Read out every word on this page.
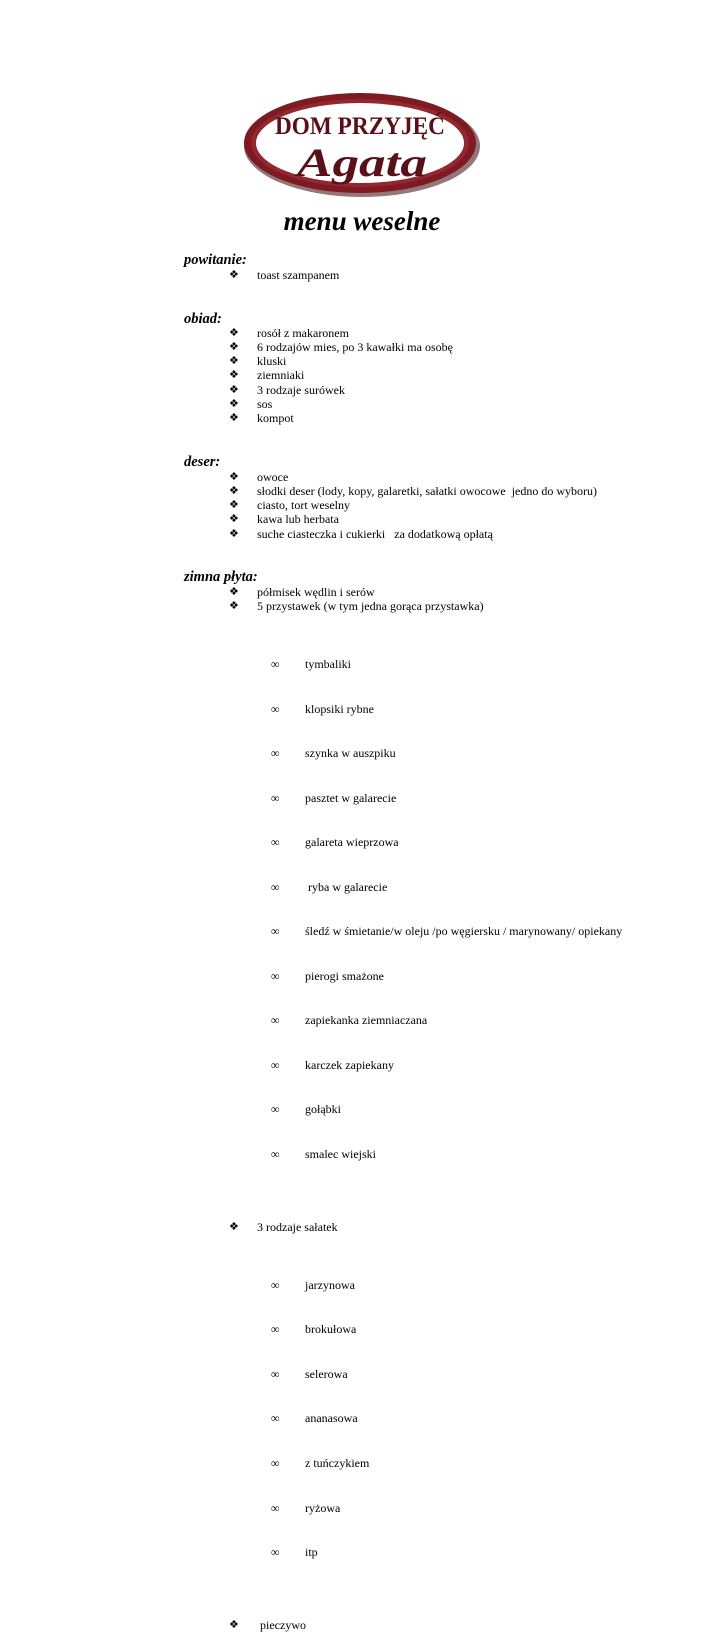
DOM PRZYJĘĆ
Agata
menu weselne
powitanie:
❖ toast szampanem
obiad:
❖ rosół z makaronem
❖ 6 rodzajów mies, po 3 kawałki ma osobę
❖ kluski
❖ ziemniaki
❖ 3 rodzaje surówek
❖ sos
❖ kompot
deser:
❖ owoce
❖ słodki deser (lody, kopy, galaretki, sałatki owocowe  jedno do wyboru)
❖ ciasto, tort weselny
❖ kawa lub herbata
❖ suche ciasteczka i cukierki   za dodatkową opłatą
zimna płyta:
❖ półmisek wędlin i serów
❖ 5 przystawek (w tym jedna gorąca przystawka)

∞ tymbaliki

∞ klopsiki rybne

∞ szynka w auszpiku

∞ pasztet w galarecie

∞ galareta wieprzowa

∞ ryba w galarecie

∞ śledź w śmietanie/w oleju /po węgiersku / marynowany/ opiekany

∞ pierogi smażone

∞ zapiekanka ziemniaczana

∞ karczek zapiekany

∞ gołąbki

∞ smalec wiejski

❖ 3 rodzaje sałatek

∞ jarzynowa

∞ brokułowa

∞ selerowa

∞ ananasowa

∞ z tuńczykiem

∞ ryżowa

∞ itp

❖ pieczywo
